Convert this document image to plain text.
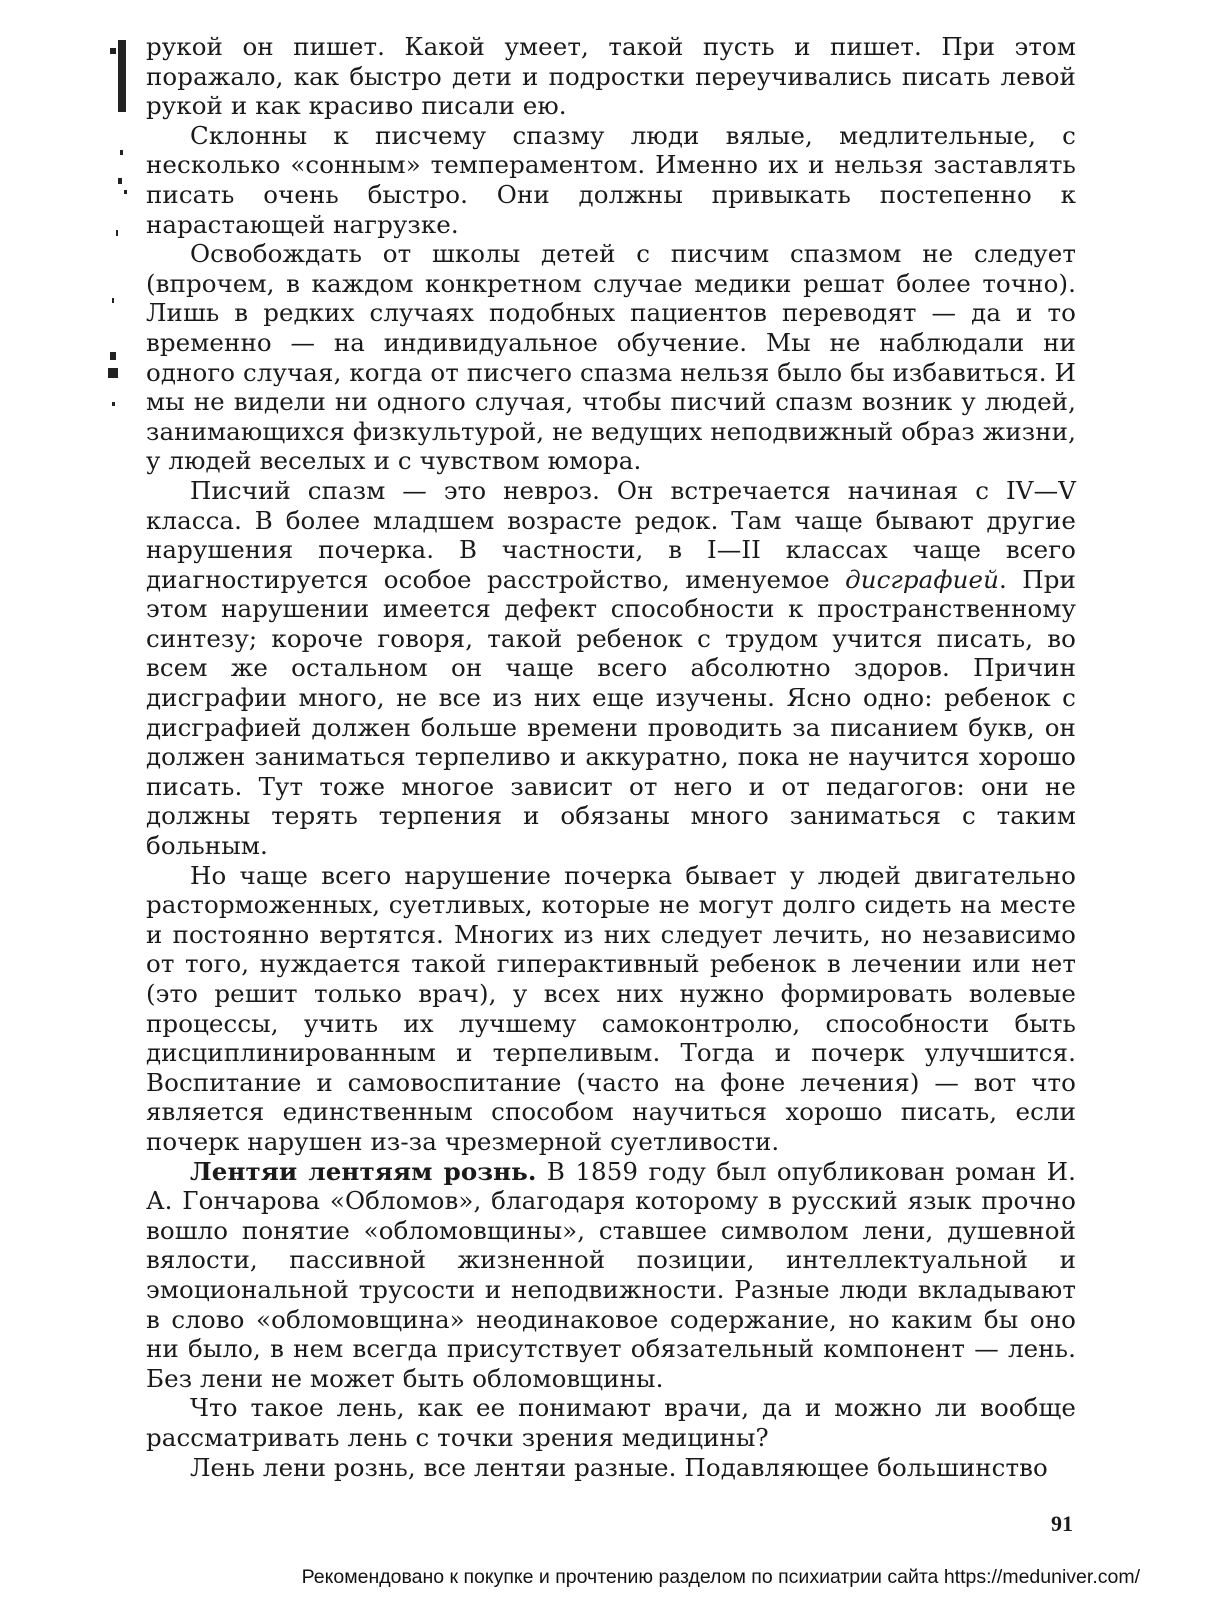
рукой он пишет. Какой умеет, такой пусть и пишет. При этом поражало, как быстро дети и подростки переучивались писать левой рукой и как красиво писали ею.

Склонны к писчему спазму люди вялые, медлительные, с несколько «сонным» темпераментом. Именно их и нельзя заставлять писать очень быстро. Они должны привыкать постепенно к нарастающей нагрузке.

Освобождать от школы детей с писчим спазмом не следует (впрочем, в каждом конкретном случае медики решат более точно). Лишь в редких случаях подобных пациентов переводят — да и то временно — на индивидуальное обучение. Мы не наблюдали ни одного случая, когда от писчего спазма нельзя было бы избавиться. И мы не видели ни одного случая, чтобы писчий спазм возник у людей, занимающихся физкультурой, не ведущих неподвижный образ жизни, у людей веселых и с чувством юмора.

Писчий спазм — это невроз. Он встречается начиная с IV—V класса. В более младшем возрасте редок. Там чаще бывают другие нарушения почерка. В частности, в I—II классах чаще всего диагностируется особое расстройство, именуемое дисграфией. При этом нарушении имеется дефект способности к пространственному синтезу; короче говоря, такой ребенок с трудом учится писать, во всем же остальном он чаще всего абсолютно здоров. Причин дисграфии много, не все из них еще изучены. Ясно одно: ребенок с дисграфией должен больше времени проводить за писанием букв, он должен заниматься терпеливо и аккуратно, пока не научится хорошо писать. Тут тоже многое зависит от него и от педагогов: они не должны терять терпения и обязаны много заниматься с таким больным.

Но чаще всего нарушение почерка бывает у людей двигательно расторможенных, суетливых, которые не могут долго сидеть на месте и постоянно вертятся. Многих из них следует лечить, но независимо от того, нуждается такой гиперактивный ребенок в лечении или нет (это решит только врач), у всех них нужно формировать волевые процессы, учить их лучшему самоконтролю, способности быть дисциплинированным и терпеливым. Тогда и почерк улучшится. Воспитание и самовоспитание (часто на фоне лечения) — вот что является единственным способом научиться хорошо писать, если почерк нарушен из-за чрезмерной суетливости.

Лентяи лентяям рознь. В 1859 году был опубликован роман И. А. Гончарова «Обломов», благодаря которому в русский язык прочно вошло понятие «обломовщины», ставшее символом лени, душевной вялости, пассивной жизненной позиции, интеллектуальной и эмоциональной трусости и неподвижности. Разные люди вкладывают в слово «обломовщина» неодинаковое содержание, но каким бы оно ни было, в нем всегда присутствует обязательный компонент — лень. Без лени не может быть обломовщины.

Что такое лень, как ее понимают врачи, да и можно ли вообще рассматривать лень с точки зрения медицины?

Лень лени рознь, все лентяи разные. Подавляющее большинство

91
Рекомендовано к покупке и прочтению разделом по психиатрии сайта https://meduniver.com/
